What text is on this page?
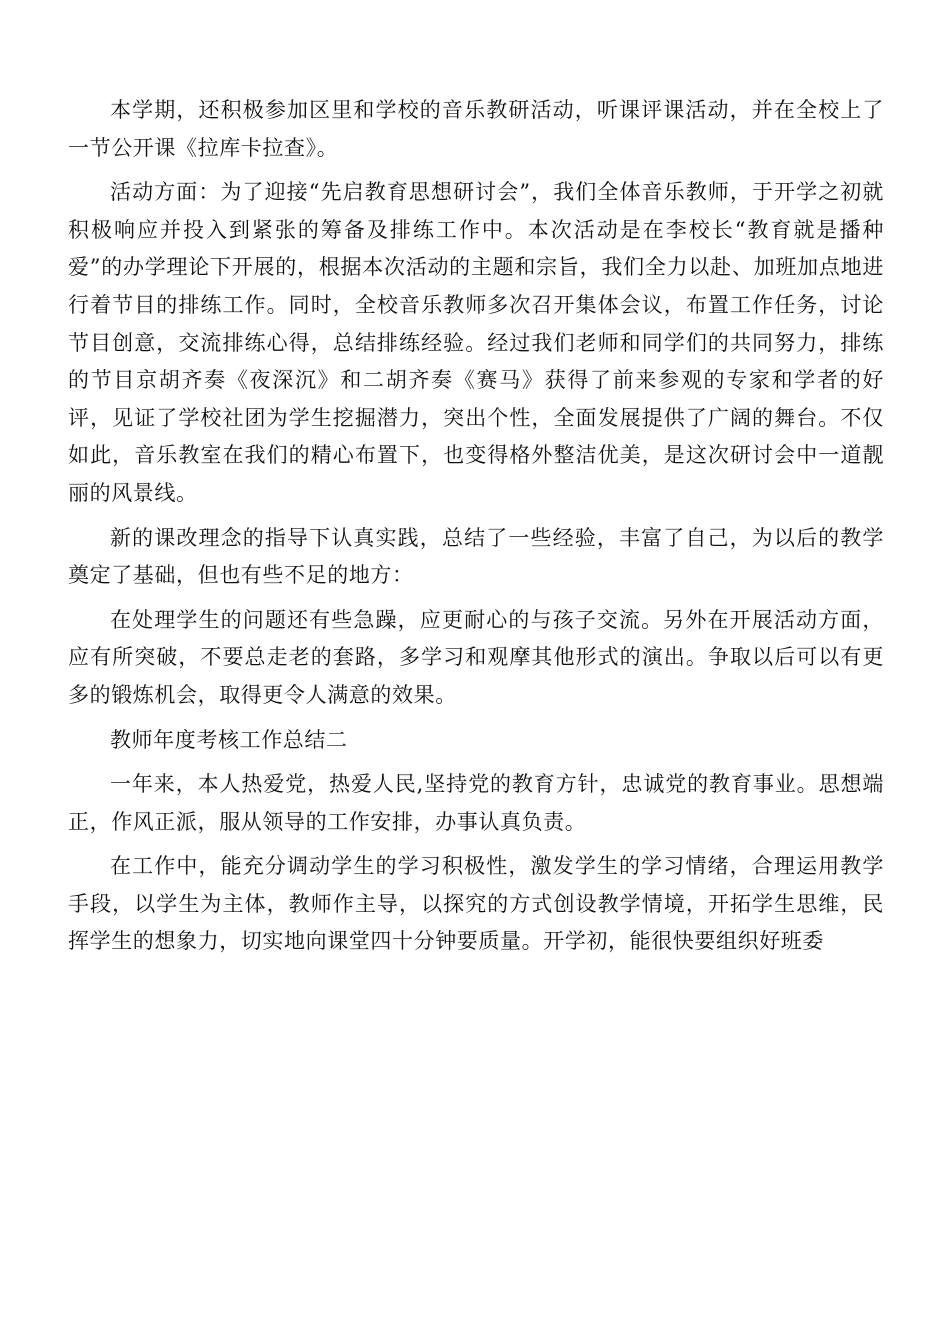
本学期，还积极参加区里和学校的音乐教研活动，听课评课活动，并在全校上了一节公开课《拉库卡拉查》。

活动方面：为了迎接“先启教育思想研讨会”，我们全体音乐教师，于开学之初就积极响应并投入到紧张的筹备及排练工作中。本次活动是在李校长“教育就是播种爱”的办学理论下开展的，根据本次活动的主题和宗旨，我们全力以赴、加班加点地进行着节目的排练工作。同时，全校音乐教师多次召开集体会议，布置工作任务，讨论节目创意，交流排练心得，总结排练经验。经过我们老师和同学们的共同努力，排练的节目京胡齐奏《夜深沉》和二胡齐奏《赛马》获得了前来参观的专家和学者的好评，见证了学校社团为学生挖掘潜力，突出个性，全面发展提供了广阔的舞台。不仅如此，音乐教室在我们的精心布置下，也变得格外整洁优美，是这次研讨会中一道靓丽的风景线。

新的课改理念的指导下认真实践，总结了一些经验，丰富了自己，为以后的教学奠定了基础，但也有些不足的地方：

在处理学生的问题还有些急躁，应更耐心的与孩子交流。另外在开展活动方面，应有所突破，不要总走老的套路，多学习和观摩其他形式的演出。争取以后可以有更多的锻炼机会，取得更令人满意的效果。

教师年度考核工作总结二

一年来，本人热爱党，热爱人民,坚持党的教育方针，忠诚党的教育事业。思想端正，作风正派，服从领导的工作安排，办事认真负责。

在工作中，能充分调动学生的学习积极性，激发学生的学习情绪，合理运用教学手段，以学生为主体，教师作主导，以探究的方式创设教学情境，开拓学生思维，民挥学生的想象力，切实地向课堂四十分钟要质量。开学初，能很快要组织好班委
